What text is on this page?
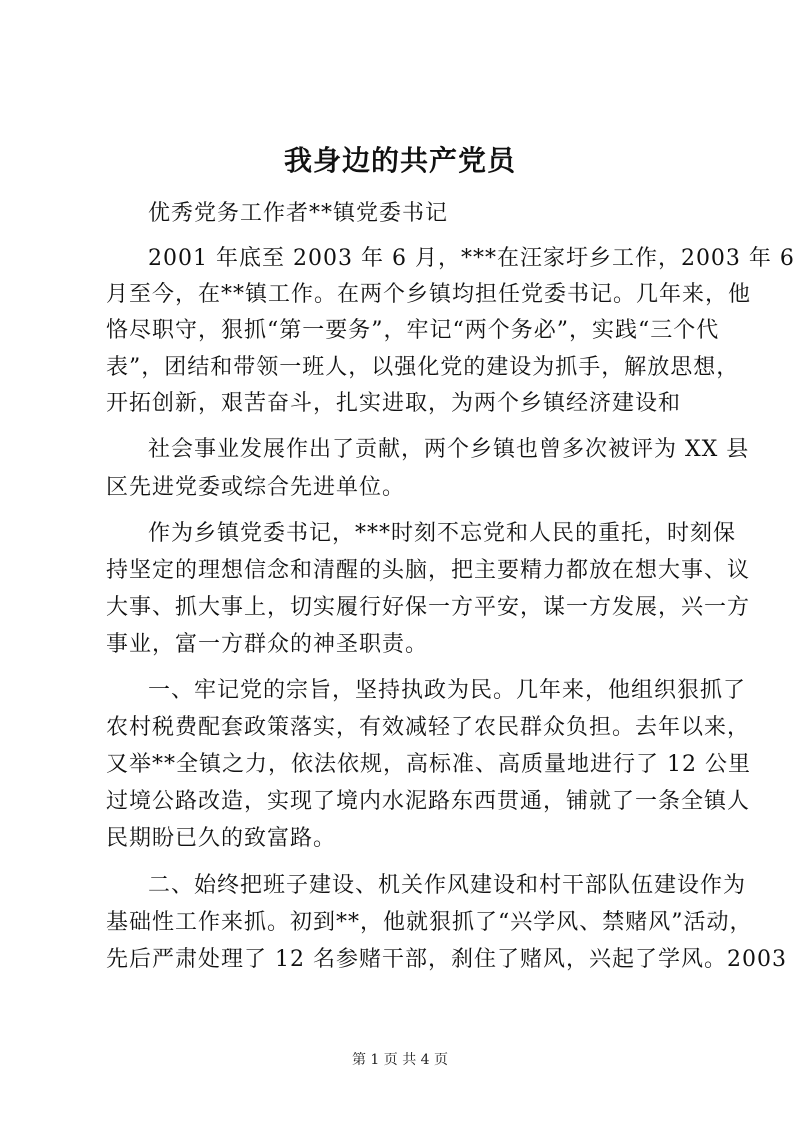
我身边的共产党员
优秀党务工作者**镇党委书记
2001 年底至 2003 年 6 月，***在汪家圩乡工作，2003 年 6
月至今，在**镇工作。在两个乡镇均担任党委书记。几年来，他
恪尽职守，狠抓“第一要务”，牢记“两个务必”，实践“三个代
表”，团结和带领一班人，以强化党的建设为抓手，解放思想，
开拓创新，艰苦奋斗，扎实进取，为两个乡镇经济建设和
社会事业发展作出了贡献，两个乡镇也曾多次被评为 XX 县
区先进党委或综合先进单位。
作为乡镇党委书记，***时刻不忘党和人民的重托，时刻保
持坚定的理想信念和清醒的头脑，把主要精力都放在想大事、议
大事、抓大事上，切实履行好保一方平安，谋一方发展，兴一方
事业，富一方群众的神圣职责。
一、牢记党的宗旨，坚持执政为民。几年来，他组织狠抓了
农村税费配套政策落实，有效减轻了农民群众负担。去年以来，
又举**全镇之力，依法依规，高标准、高质量地进行了 12 公里
过境公路改造，实现了境内水泥路东西贯通，铺就了一条全镇人
民期盼已久的致富路。
二、始终把班子建设、机关作风建设和村干部队伍建设作为
基础性工作来抓。初到**，他就狠抓了“兴学风、禁赌风”活动，
先后严肃处理了 12 名参赌干部，刹住了赌风，兴起了学风。2003
第 1 页 共 4 页
